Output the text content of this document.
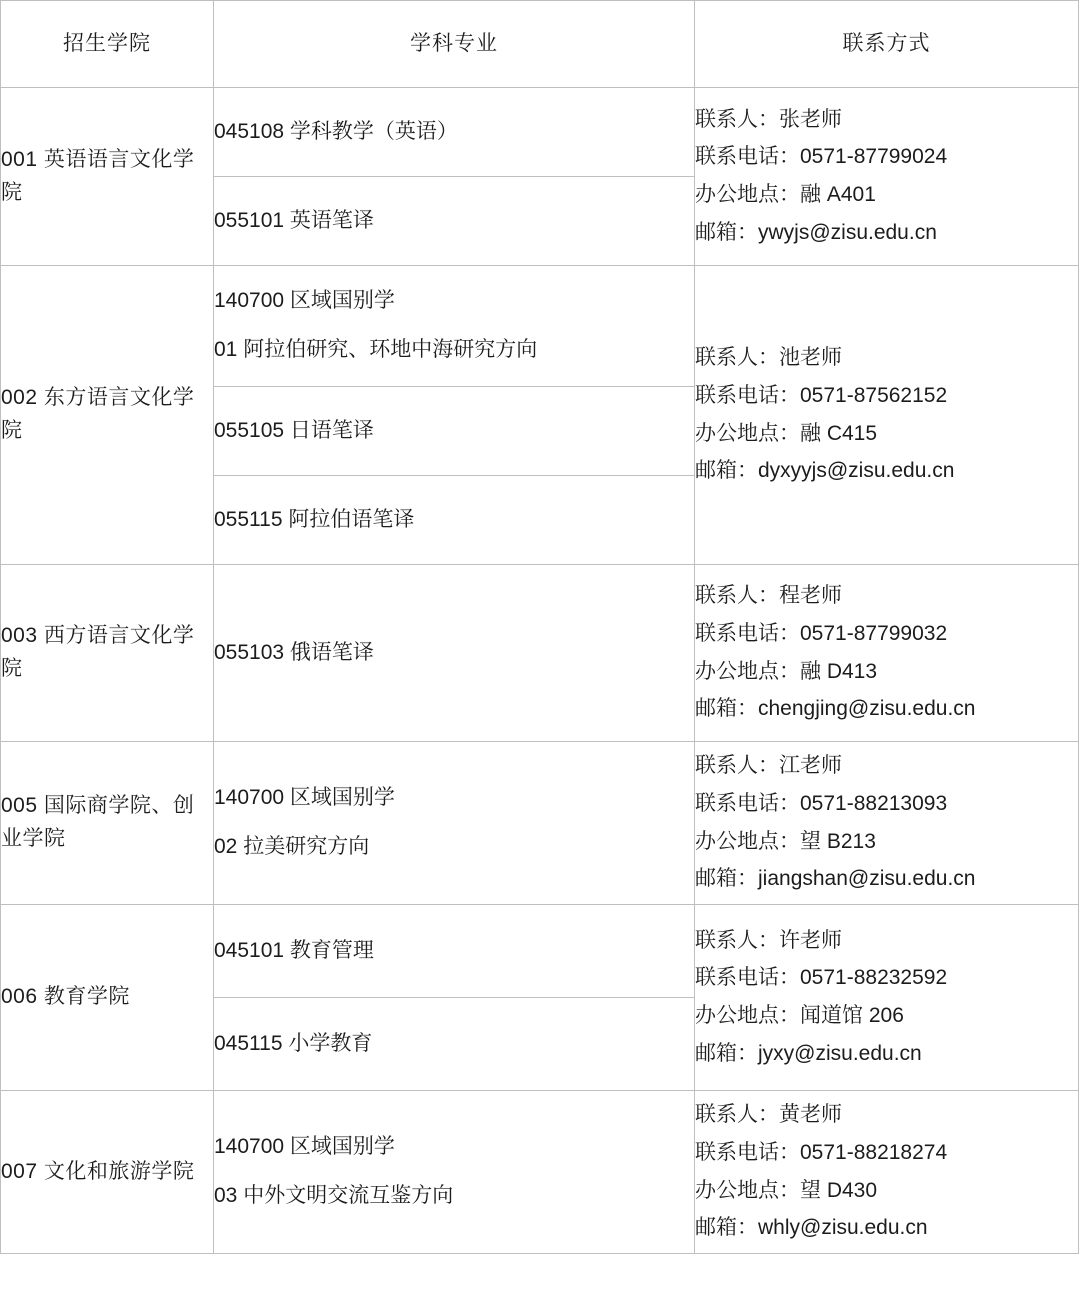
招生学院	学科专业	联系方式
001 英语语言文化学院	045108 学科教学（英语）	联系人：张老师
联系电话：0571-87799024
办公地点：融 A401
邮箱：ywyjs@zisu.edu.cn

	055101 英语笔译	

002 东方语言文化学院	140700 区域国别学
01 阿拉伯研究、环地中海研究方向	联系人：池老师
联系电话：0571-87562152
办公地点：融 C415
邮箱：dyxyyjs@zisu.edu.cn

	055105 日语笔译	

	055115 阿拉伯语笔译	

003 西方语言文化学院	055103 俄语笔译	联系人：程老师
联系电话：0571-87799032
办公地点：融 D413
邮箱：chengjing@zisu.edu.cn

005 国际商学院、创业学院	140700 区域国别学
02 拉美研究方向	联系人：江老师
联系电话：0571-88213093
办公地点：望 B213
邮箱：jiangshan@zisu.edu.cn

006 教育学院	045101 教育管理	联系人：许老师
联系电话：0571-88232592
办公地点：闻道馆 206
邮箱：jyxy@zisu.edu.cn

	045115 小学教育	

007 文化和旅游学院	140700 区域国别学
03 中外文明交流互鉴方向	联系人：黄老师
联系电话：0571-88218274
办公地点：望 D430
邮箱：whly@zisu.edu.cn
